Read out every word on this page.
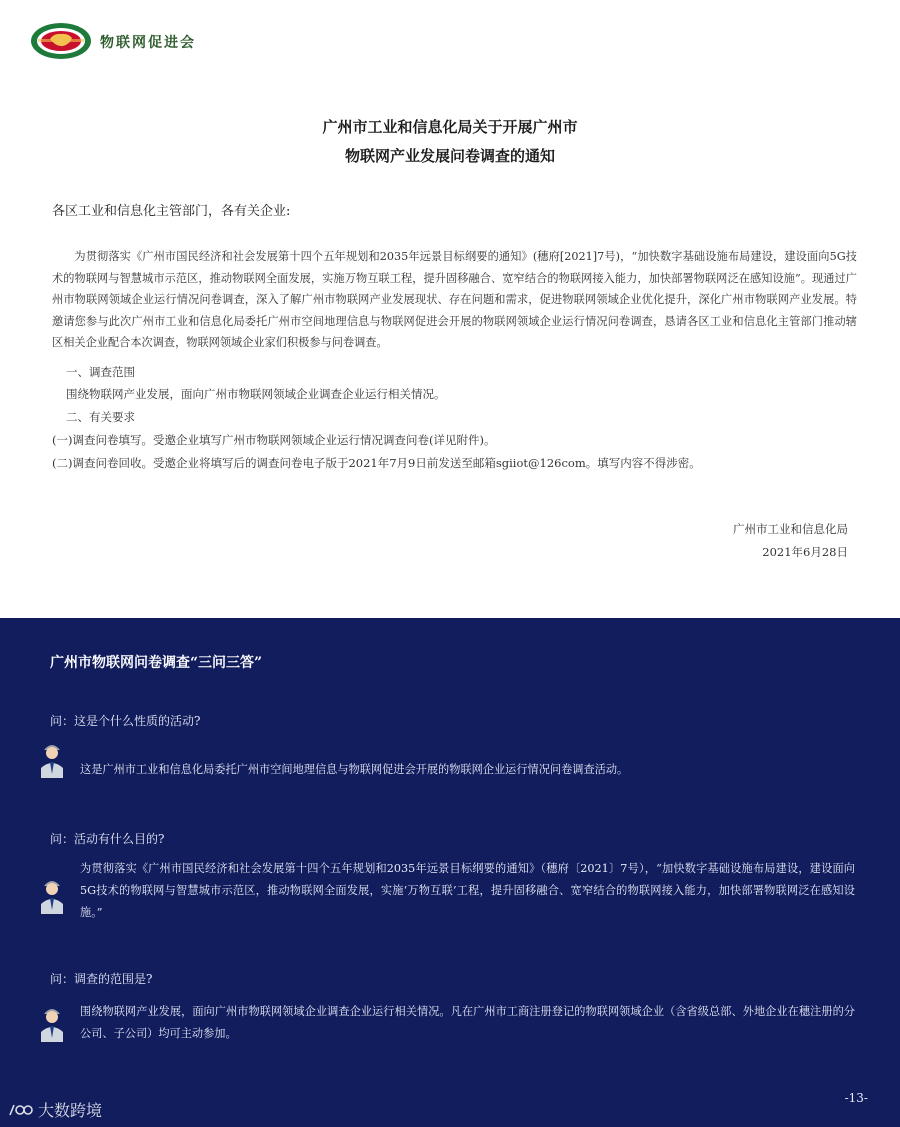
物联网促进会
广州市工业和信息化局关于开展广州市
物联网产业发展问卷调查的通知
各区工业和信息化主管部门，各有关企业:
为贯彻落实《广州市国民经济和社会发展第十四个五年规划和2035年远景目标纲要的通知》(穗府[2021]7号)，“加快数字基础设施布局建设，建设面向5G技术的物联网与智慧城市示范区，推动物联网全面发展，实施万物互联工程，提升固移融合、宽窄结合的物联网接入能力，加快部署物联网泛在感知设施”。现通过广州市物联网领域企业运行情况问卷调查，深入了解广州市物联网产业发展现状、存在问题和需求，促进物联网领域企业优化提升，深化广州市物联网产业发展。特邀请您参与此次广州市工业和信息化局委托广州市空间地理信息与物联网促进会开展的物联网领域企业运行情况问卷调查，恳请各区工业和信息化主管部门推动辖区相关企业配合本次调查，物联网领域企业家们积极参与问卷调查。
一、调查范围
围绕物联网产业发展，面向广州市物联网领域企业调查企业运行相关情况。
二、有关要求
(一)调查问卷填写。受邀企业填写广州市物联网领域企业运行情况调查问卷(详见附件)。
(二)调查问卷回收。受邀企业将填写后的调查问卷电子版于2021年7月9日前发送至邮箱sgiiot@126com。填写内容不得涉密。
广州市工业和信息化局
2021年6月28日
广州市物联网问卷调查“三问三答”
问：这是个什么性质的活动?
这是广州市工业和信息化局委托广州市空间地理信息与物联网促进会开展的物联网企业运行情况问卷调查活动。
问：活动有什么目的?
为贯彻落实《广州市国民经济和社会发展第十四个五年规划和2035年远景目标纲要的通知》（穗府〔2021〕7号），“加快数字基础设施布局建设，建设面向5G技术的物联网与智慧城市示范区，推动物联网全面发展，实施‘万物互联’工程，提升固移融合、宽窄结合的物联网接入能力，加快部署物联网泛在感知设施。”
问：调查的范围是?
围绕物联网产业发展，面向广州市物联网领域企业调查企业运行相关情况。凡在广州市工商注册登记的物联网领域企业（含省级总部、外地企业在穗注册的分公司、子公司）均可主动参加。
-13-
大数跨境
